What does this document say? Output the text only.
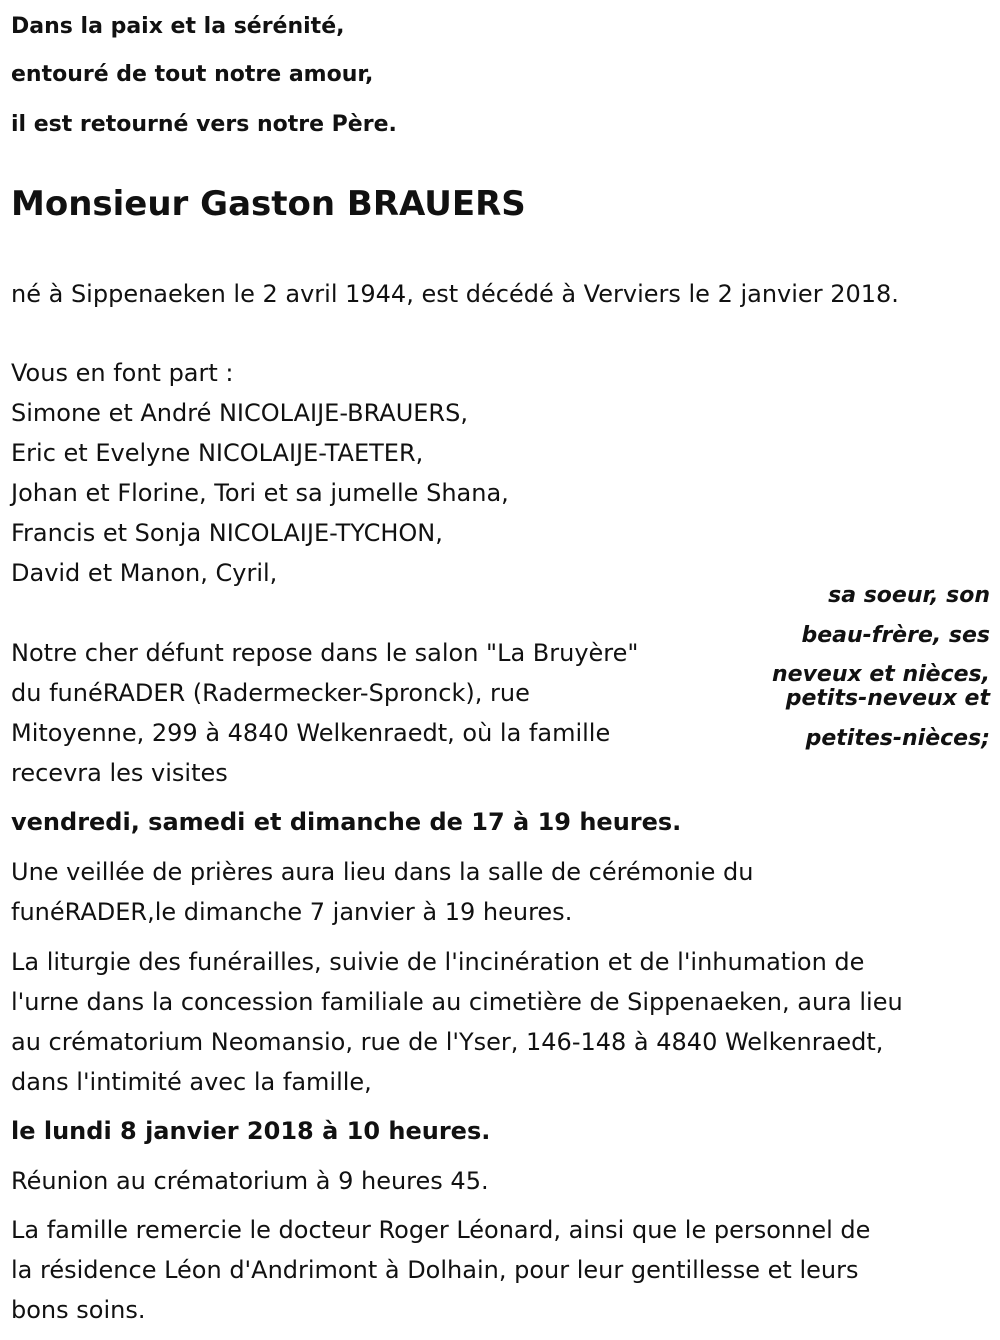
Dans la paix et la sérénité,

entouré de tout notre amour,

il est retourné vers notre Père.

Monsieur Gaston BRAUERS

né à Sippenaeken le 2 avril 1944, est décédé à Verviers le 2 janvier 2018.

Vous en font part :

Simone et André NICOLAIJE-BRAUERS,

Eric et Evelyne NICOLAIJE-TAETER,

Johan et Florine, Tori et sa jumelle Shana,

Francis et Sonja NICOLAIJE-TYCHON,

David et Manon, Cyril,

sa soeur, son

beau-frère, ses

neveux et nièces,

petits-neveux et

petites-nièces;

Notre cher défunt repose dans le salon "La Bruyère"

du funéRADER (Radermecker-Spronck), rue

Mitoyenne, 299 à 4840 Welkenraedt, où la famille

recevra les visites

vendredi, samedi et dimanche de 17 à 19 heures.

Une veillée de prières aura lieu dans la salle de cérémonie du

funéRADER,le dimanche 7 janvier à 19 heures.

La liturgie des funérailles, suivie de l'incinération et de l'inhumation de

l'urne dans la concession familiale au cimetière de Sippenaeken, aura lieu

au crématorium Neomansio, rue de l'Yser, 146-148 à 4840 Welkenraedt,

dans l'intimité avec la famille,

le lundi 8 janvier 2018 à 10 heures.

Réunion au crématorium à 9 heures 45.

La famille remercie le docteur Roger Léonard, ainsi que le personnel de

la résidence Léon d'Andrimont à Dolhain, pour leur gentillesse et leurs

bons soins.
